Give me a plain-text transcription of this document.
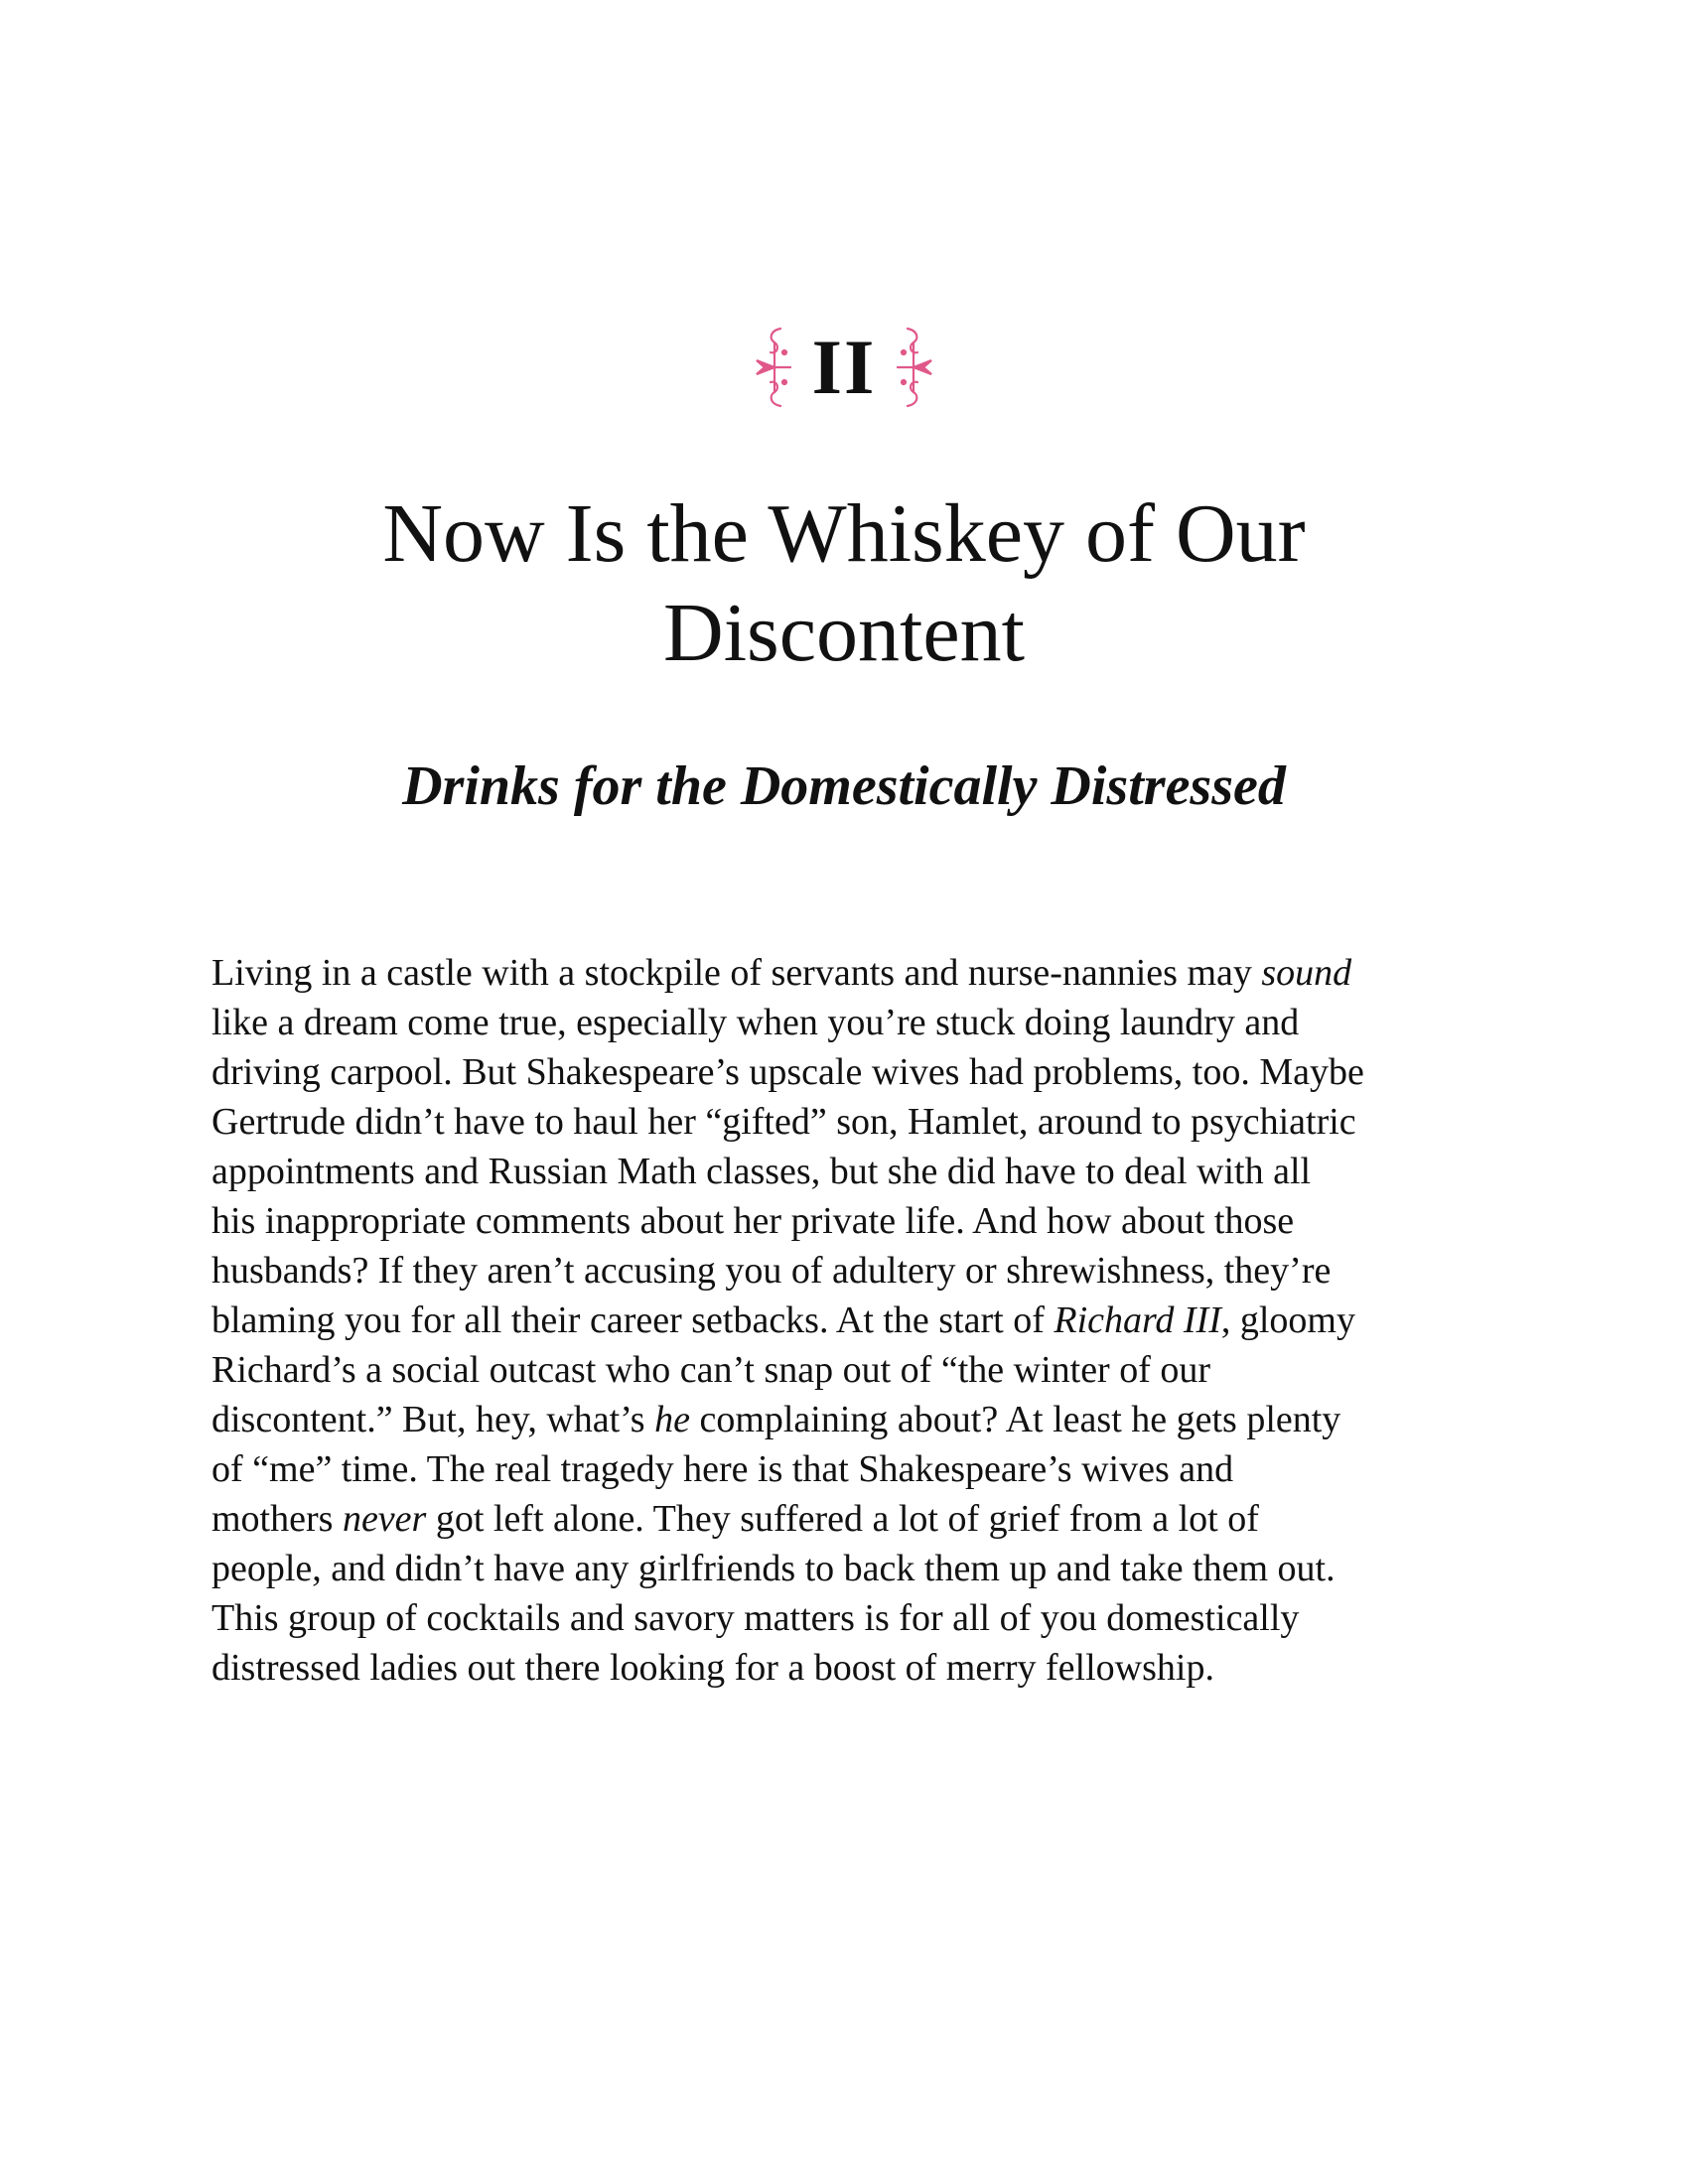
II
Now Is the Whiskey of Our
Discontent
Drinks for the Domestically Distressed

Living in a castle with a stockpile of servants and nurse-nannies may sound
like a dream come true, especially when you’re stuck doing laundry and
driving carpool. But Shakespeare’s upscale wives had problems, too. Maybe
Gertrude didn’t have to haul her “gifted” son, Hamlet, around to psychiatric
appointments and Russian Math classes, but she did have to deal with all
his inappropriate comments about her private life. And how about those
husbands? If they aren’t accusing you of adultery or shrewishness, they’re
blaming you for all their career setbacks. At the start of Richard III, gloomy
Richard’s a social outcast who can’t snap out of “the winter of our
discontent.” But, hey, what’s he complaining about? At least he gets plenty
of “me” time. The real tragedy here is that Shakespeare’s wives and
mothers never got left alone. They suffered a lot of grief from a lot of
people, and didn’t have any girlfriends to back them up and take them out.
This group of cocktails and savory matters is for all of you domestically
distressed ladies out there looking for a boost of merry fellowship.
